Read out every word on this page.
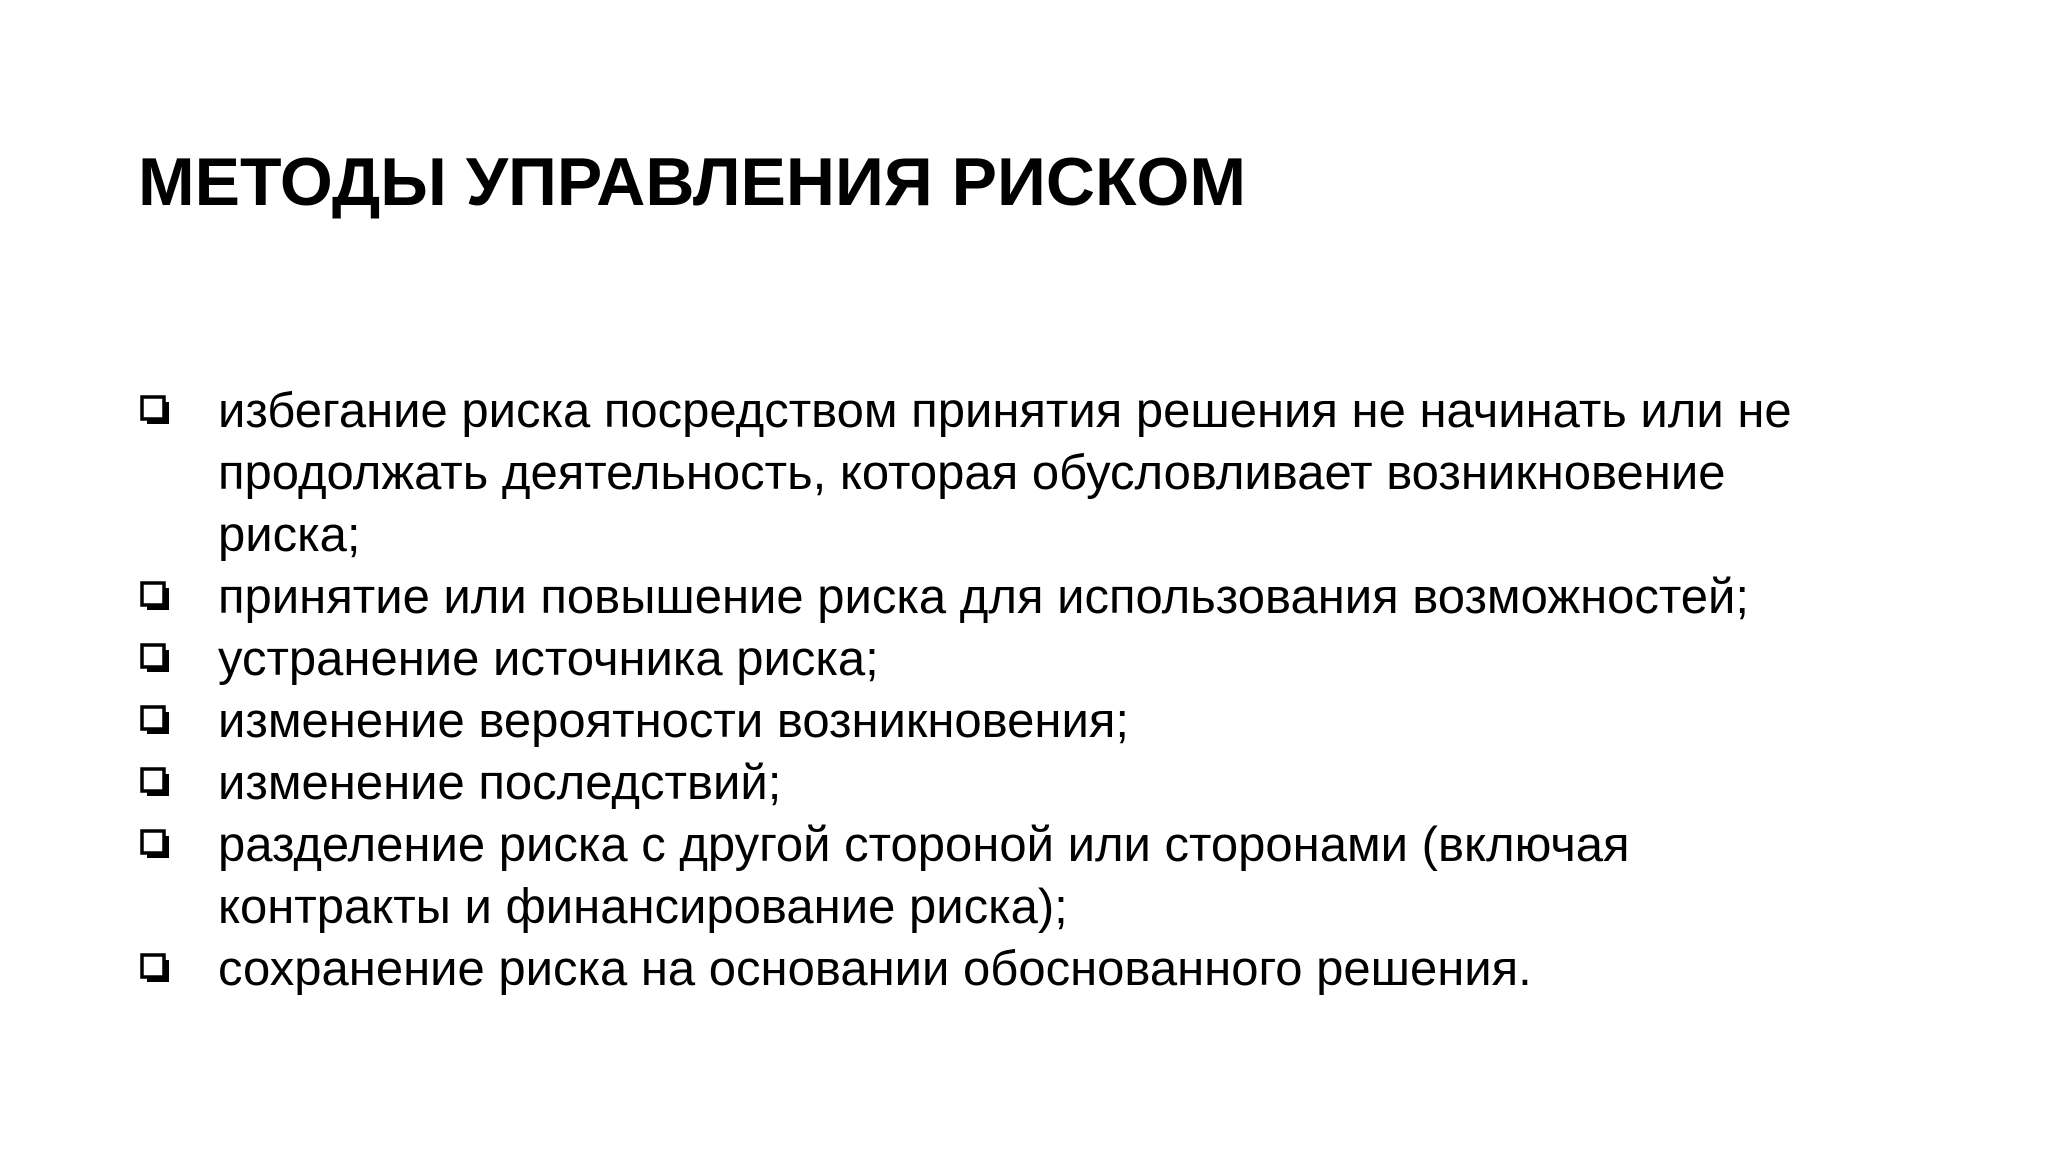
МЕТОДЫ УПРАВЛЕНИЯ РИСКОМ
избегание риска посредством принятия решения не начинать или не
продолжать деятельность, которая обусловливает возникновение
риска;
принятие или повышение риска для использования возможностей;
устранение источника риска;
изменение вероятности возникновения;
изменение последствий;
разделение риска с другой стороной или сторонами (включая
контракты и финансирование риска);
сохранение риска на основании обоснованного решения.
